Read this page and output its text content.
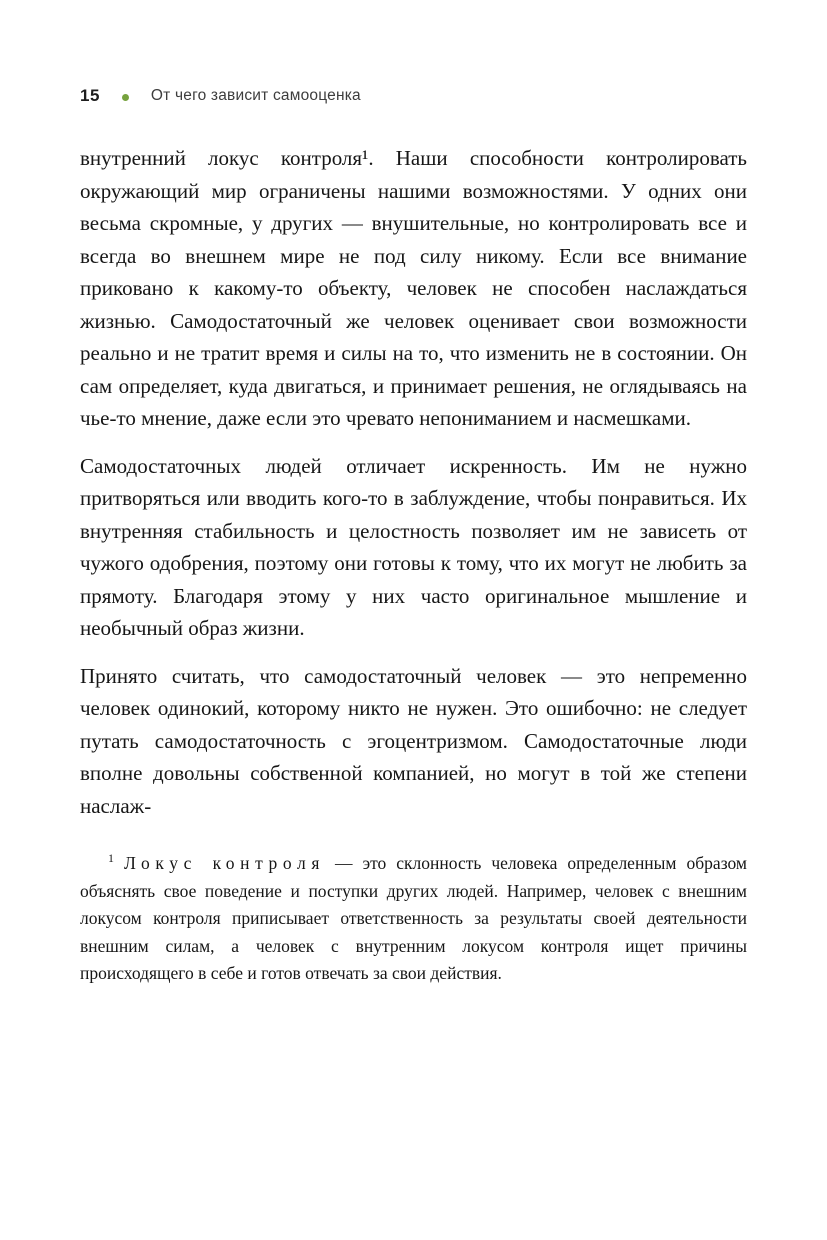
15	От чего зависит самооценка

внутренний локус контроля¹. Наши способности контролировать окружающий мир ограничены нашими возможностями. У одних они весьма скромные, у других — внушительные, но контролировать все и всегда во внешнем мире не под силу никому. Если все внимание приковано к какому-то объекту, человек не способен наслаждаться жизнью. Самодостаточный же человек оценивает свои возможности реально и не тратит время и силы на то, что изменить не в состоянии. Он сам определяет, куда двигаться, и принимает решения, не оглядываясь на чье-то мнение, даже если это чревато непониманием и насмешками.

Самодостаточных людей отличает искренность. Им не нужно притворяться или вводить кого-то в заблуждение, чтобы понравиться. Их внутренняя стабильность и целостность позволяет им не зависеть от чужого одобрения, поэтому они готовы к тому, что их могут не любить за прямоту. Благодаря этому у них часто оригинальное мышление и необычный образ жизни.

Принято считать, что самодостаточный человек — это непременно человек одинокий, которому никто не нужен. Это ошибочно: не следует путать самодостаточность с эгоцентризмом. Самодостаточные люди вполне довольны собственной компанией, но могут в той же степени наслаж-

$^1$ Локус контроля — это склонность человека определенным образом объяснять свое поведение и поступки других людей. Например, человек с внешним локусом контроля приписывает ответственность за результаты своей деятельности внешним силам, а человек с внутренним локусом контроля ищет причины происходящего в себе и готов отвечать за свои действия.
